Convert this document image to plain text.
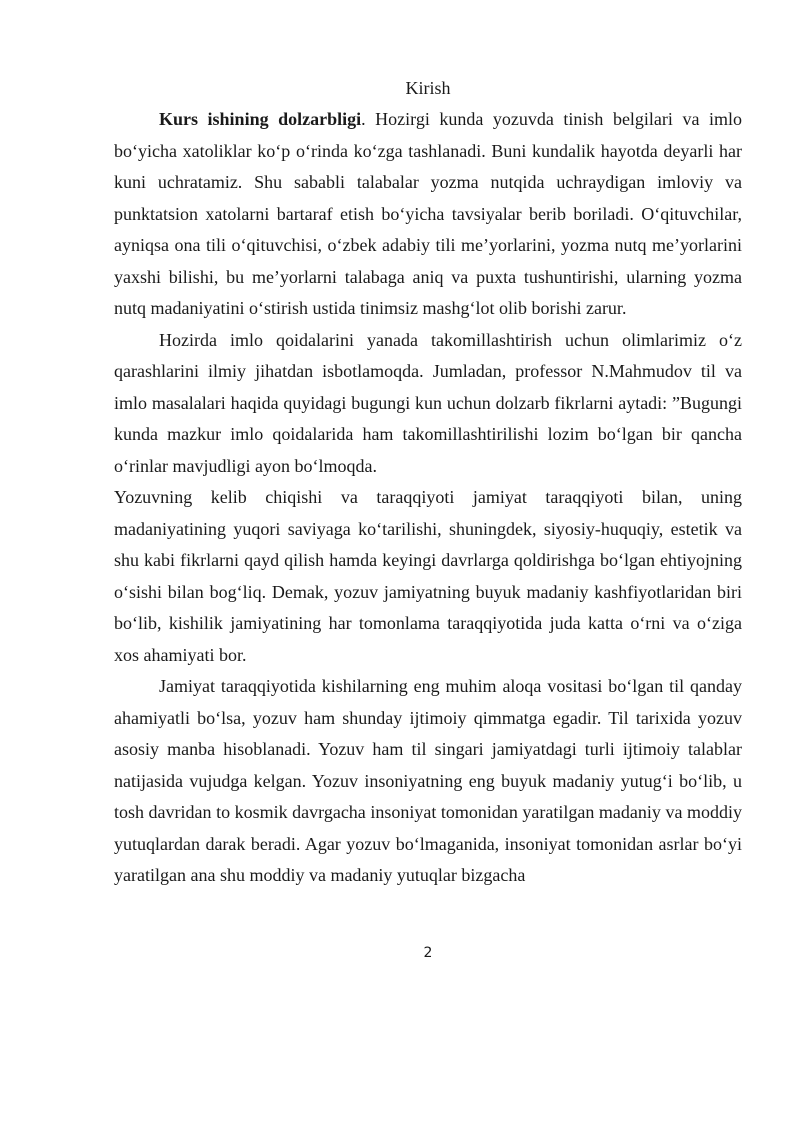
Kirish

Kurs ishining dolzarbligi. Hozirgi kunda yozuvda tinish belgilari va imlo bo‘yicha xatoliklar ko‘p o‘rinda ko‘zga tashlanadi. Buni kundalik hayotda deyarli har kuni uchratamiz. Shu sababli talabalar yozma nutqida uchraydigan imloviy va punktatsion xatolarni bartaraf etish bo‘yicha tavsiyalar berib boriladi. O‘qituvchilar, ayniqsa ona tili o‘qituvchisi, o‘zbek adabiy tili me’yorlarini, yozma nutq me’yorlarini yaxshi bilishi, bu me’yorlarni talabaga aniq va puxta tushuntirishi, ularning yozma nutq madaniyatini o‘stirish ustida tinimsiz mashg‘lot olib borishi zarur.

Hozirda imlo qoidalarini yanada takomillashtirish uchun olimlarimiz o‘z qarashlarini ilmiy jihatdan isbotlamoqda. Jumladan, professor N.Mahmudov til va imlo masalalari haqida quyidagi bugungi kun uchun dolzarb fikrlarni aytadi: ”Bugungi kunda mazkur imlo qoidalarida ham takomillashtirilishi lozim bo‘lgan bir qancha o‘rinlar mavjudligi ayon bo‘lmoqda.

Yozuvning kelib chiqishi va taraqqiyoti jamiyat taraqqiyoti bilan, uning madaniyatining yuqori saviyaga ko‘tarilishi, shuningdek, siyosiy-huquqiy, estetik va shu kabi fikrlarni qayd qilish hamda keyingi davrlarga qoldirishga bo‘lgan ehtiyojning o‘sishi bilan bog‘liq. Demak, yozuv jamiyatning buyuk madaniy kashfiyotlaridan biri bo‘lib, kishilik jamiyatining har tomonlama taraqqiyotida juda katta o‘rni va o‘ziga xos ahamiyati bor.

Jamiyat taraqqiyotida kishilarning eng muhim aloqa vositasi bo‘lgan til qanday ahamiyatli bo‘lsa, yozuv ham shunday ijtimoiy qimmatga egadir. Til tarixida yozuv asosiy manba hisoblanadi. Yozuv ham til singari jamiyatdagi turli ijtimoiy talablar natijasida vujudga kelgan. Yozuv insoniyatning eng buyuk madaniy yutug‘i bo‘lib, u tosh davridan to kosmik davrgacha insoniyat tomonidan yaratilgan madaniy va moddiy yutuqlardan darak beradi. Agar yozuv bo‘lmaganida, insoniyat tomonidan asrlar bo‘yi yaratilgan ana shu moddiy va madaniy yutuqlar bizgacha

2
